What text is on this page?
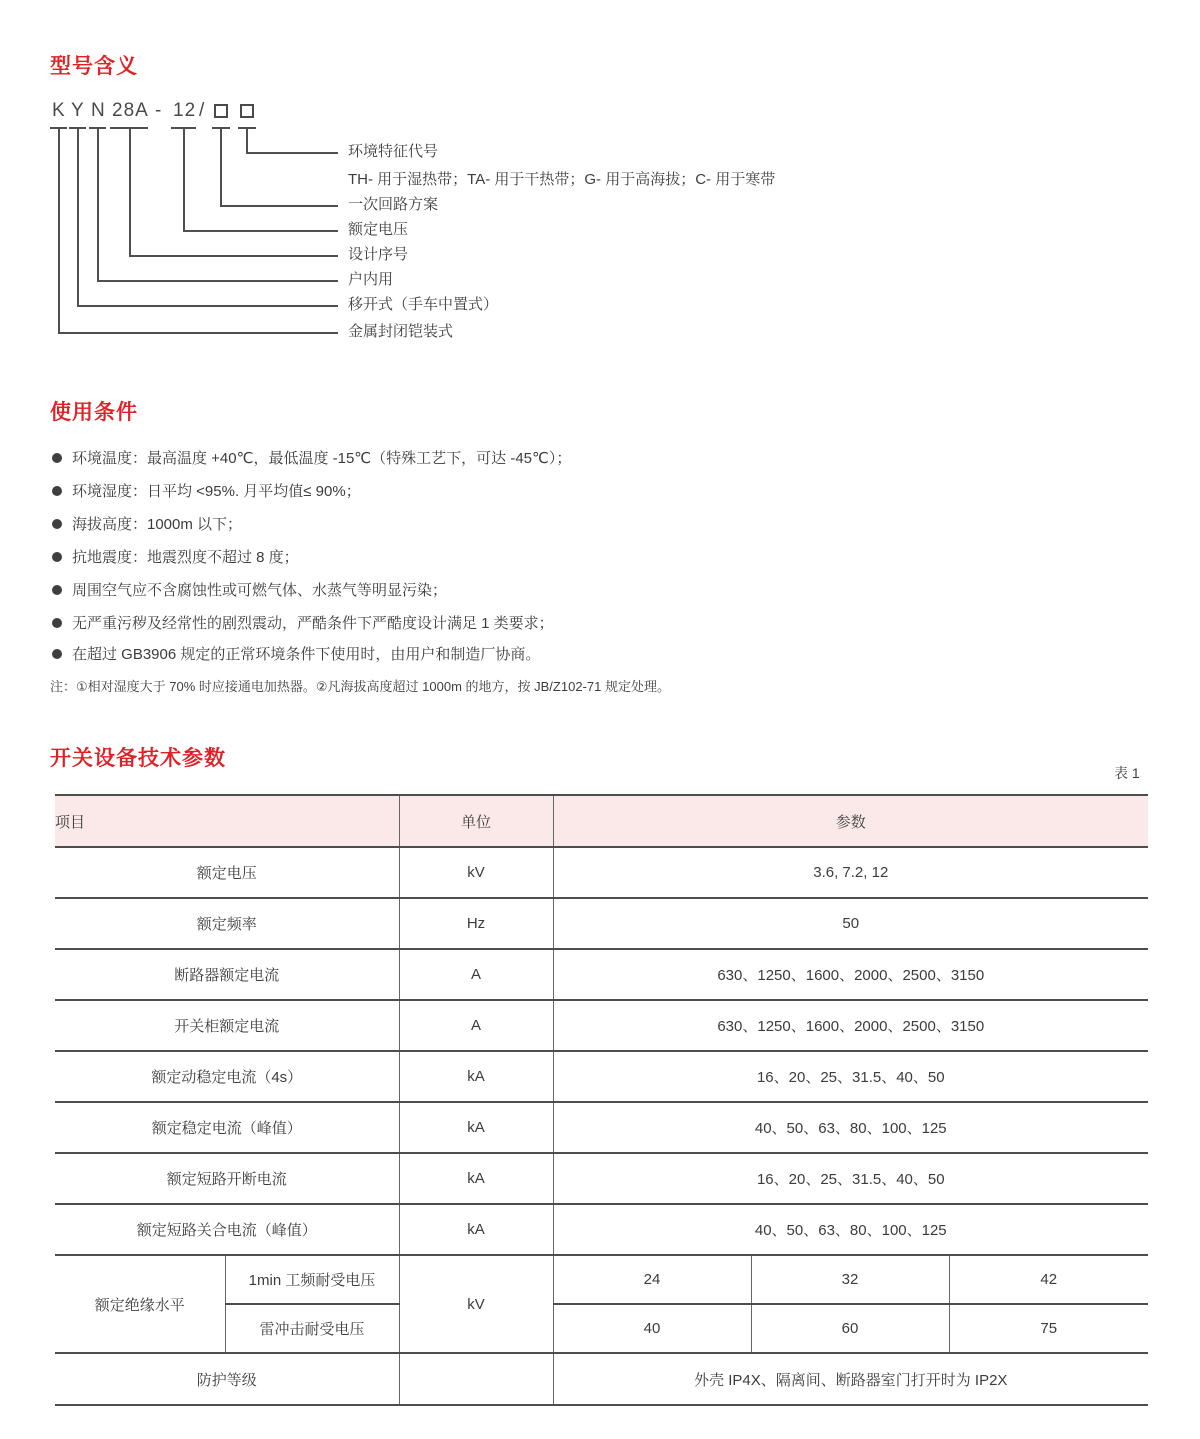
型号含义
K Y N 28A - 12 /
环境特征代号
TH- 用于湿热带；TA- 用于干热带；G- 用于高海拔；C- 用于寒带
一次回路方案
额定电压
设计序号
户内用
移开式（手车中置式）
金属封闭铠装式
使用条件
环境温度：最高温度 +40℃，最低温度 -15℃（特殊工艺下，可达 -45℃）；
环境湿度：日平均 <95%. 月平均值≤ 90%；
海拔高度：1000m 以下；
抗地震度：地震烈度不超过 8 度；
周围空气应不含腐蚀性或可燃气体、水蒸气等明显污染；
无严重污秽及经常性的剧烈震动，严酷条件下严酷度设计满足 1 类要求；
在超过 GB3906 规定的正常环境条件下使用时，由用户和制造厂协商。
注：①相对湿度大于 70% 时应接通电加热器。②凡海拔高度超过 1000m 的地方，按 JB/Z102-71 规定处理。
开关设备技术参数
表 1
项目		单位	参数		
额定电压		kV	3.6, 7.2, 12		
额定频率		Hz	50		
断路器额定电流		A	630、1250、1600、2000、2500、3150		
开关柜额定电流		A	630、1250、1600、2000、2500、3150		
额定动稳定电流（4s）		kA	16、20、25、31.5、40、50		
额定稳定电流（峰值）		kA	40、50、63、80、100、125		
额定短路开断电流		kA	16、20、25、31.5、40、50		
额定短路关合电流（峰值）		kA	40、50、63、80、100、125		
额定绝缘水平	1min 工频耐受电压	kV	24	32	42
	雷冲击耐受电压		40	60	75
防护等级			外壳 IP4X、隔离间、断路器室门打开时为 IP2X		
